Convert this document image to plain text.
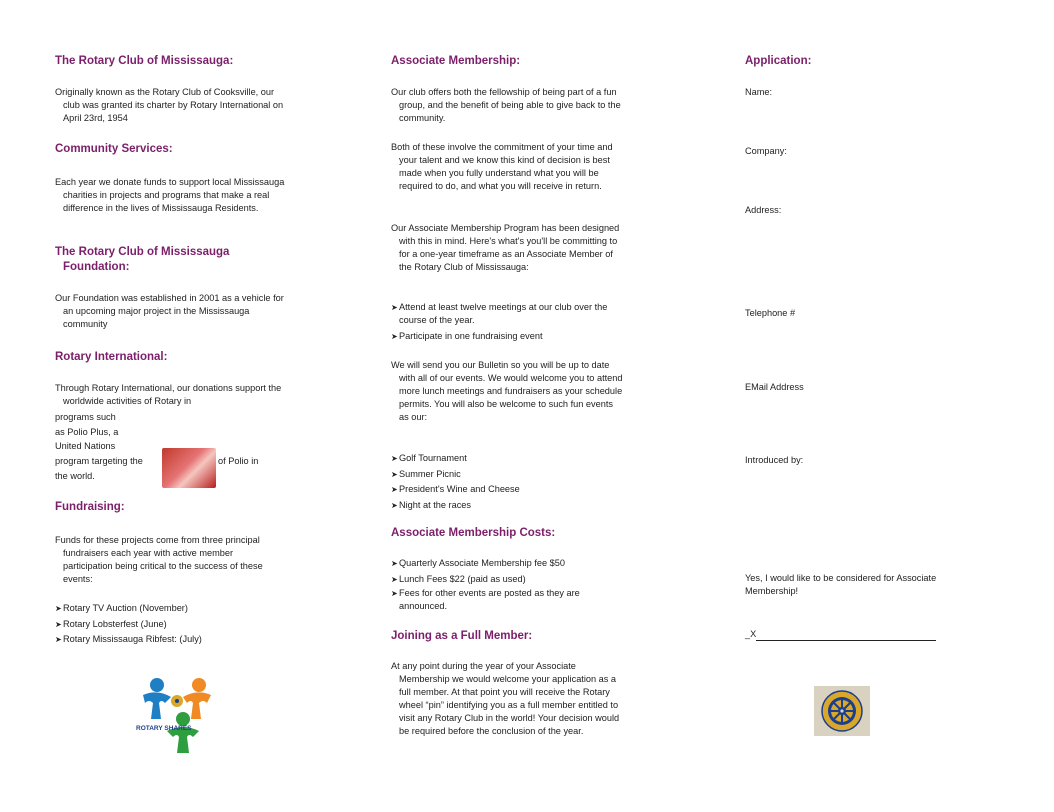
The Rotary Club of Mississauga:

Originally known as the Rotary Club of Cooksville, our club was granted its charter by Rotary International on April 23rd, 1954

Community Services:

Each year we donate funds to support local Mississauga charities in projects and programs that make a real difference in the lives of Mississauga Residents.

The Rotary Club of Mississauga Foundation:

Our Foundation was established in 2001 as a vehicle for an upcoming major project in the Mississauga community

Rotary International:

Through Rotary International, our donations support the worldwide activities of Rotary in

programs such
as Polio Plus, a
United Nations
program targeting the	of Polio in
the world.
Fundraising:

Funds for these projects come from three principal fundraisers each year with active member participation being critical to the success of these events:

➤Rotary TV Auction (November)
➤Rotary Lobsterfest (June)
➤Rotary Mississauga Ribfest: (July)
ROTARY SHARES
Associate Membership:

Our club offers both the fellowship of being part of a fun group, and the benefit of being able to give back to the community.

Both of these involve the commitment of your time and your talent and we know this kind of decision is best made when you fully understand what you will be required to do, and what you will receive in return.

Our Associate Membership Program has been designed with this in mind. Here's what's you'll be committing to for a one-year timeframe as an Associate Member of the Rotary Club of Mississauga:

➤Attend at least twelve meetings at our club over the course of the year.
➤Participate in one fundraising event

We will send you our Bulletin so you will be up to date with all of our events. We would welcome you to attend more lunch meetings and fundraisers as your schedule permits. You will also be welcome to such fun events as our:

➤Golf Tournament
➤Summer Picnic
➤President's Wine and Cheese
➤Night at the races
Associate Membership Costs:
➤Quarterly Associate Membership fee $50
➤Lunch Fees $22 (paid as used)
➤Fees for other events are posted as they are announced.
Joining as a Full Member:

At any point during the year of your Associate Membership we would welcome your application as a full member. At that point you will receive the Rotary wheel “pin” identifying you as a full member entitled to visit any Rotary Club in the world! Your decision would be required before the conclusion of the year.

Application:
Name:
Company:
Address:
Telephone #
EMail Address
Introduced by:

Yes, I would like to be considered for Associate Membership!

_X
